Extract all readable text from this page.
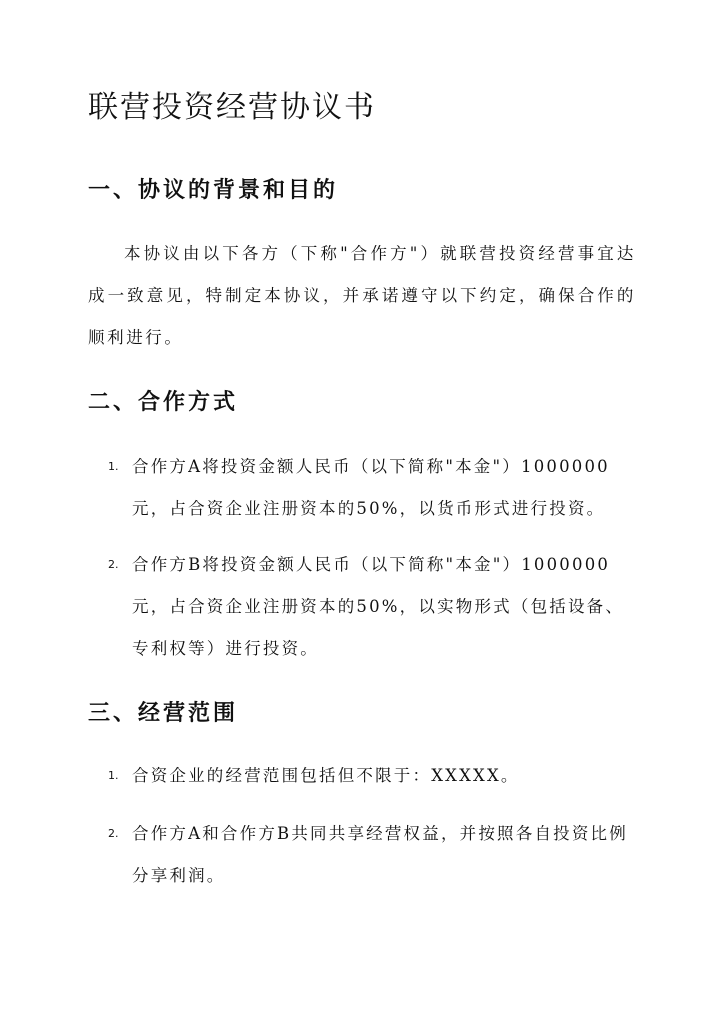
联营投资经营协议书
一、协议的背景和目的

本协议由以下各方（下称"合作方"）就联营投资经营事宜达成一致意见，特制定本协议，并承诺遵守以下约定，确保合作的顺利进行。

二、合作方式
1. 合作方A将投资金额人民币（以下简称"本金"）1000000元，占合资企业注册资本的50%，以货币形式进行投资。
2. 合作方B将投资金额人民币（以下简称"本金"）1000000元，占合资企业注册资本的50%，以实物形式（包括设备、专利权等）进行投资。
三、经营范围
1. 合资企业的经营范围包括但不限于：XXXXX。
2. 合作方A和合作方B共同共享经营权益，并按照各自投资比例分享利润。
